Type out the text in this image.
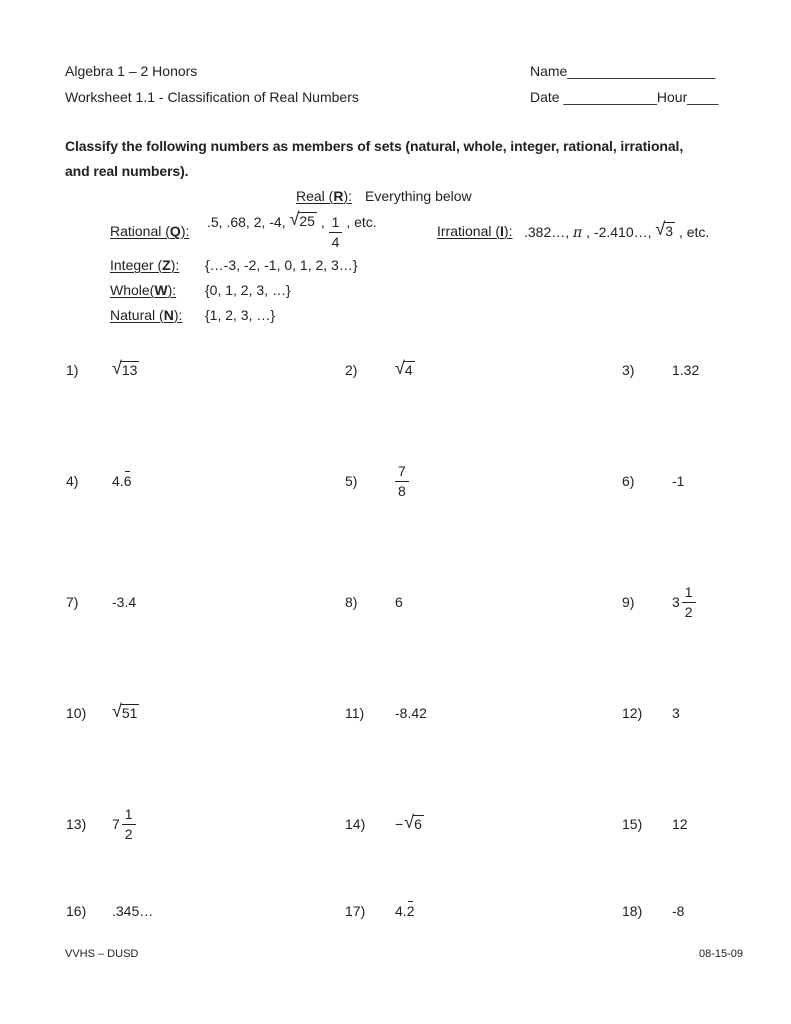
Algebra 1 – 2 Honors
Worksheet 1.1 - Classification of Real Numbers
Name___________________
Date ____________Hour____
Classify the following numbers as members of sets (natural, whole, integer, rational, irrational,
and real numbers).
Real (R): Everything below
Rational (Q):
.5, .68, 2, -4, √ 25 , $\frac{1}{4}$ , etc.
Irrational (I): .382…, π , -2.410…, √ 3 , etc.
Integer (Z):	{…-3, -2, -1, 0, 1, 2, 3…}
Whole(W):	{0, 1, 2, 3, …}
Natural (N):	{1, 2, 3, …}
1)	√ 13	2)	√ 4	3)	1.32
4)	4. 6	5)	$\frac{7}{8}$	6)	-1
7)	-3.4	8)	6	9)	$3 \frac{1}{2}$
10)	√ 51	11)	-8.42	12)	3
13)	$7 \frac{1}{2}$	14)	− √ 6	15)	12
16)	.345…	17)	4. 2	18)	-8
VVHS – DUSD	08-15-09
